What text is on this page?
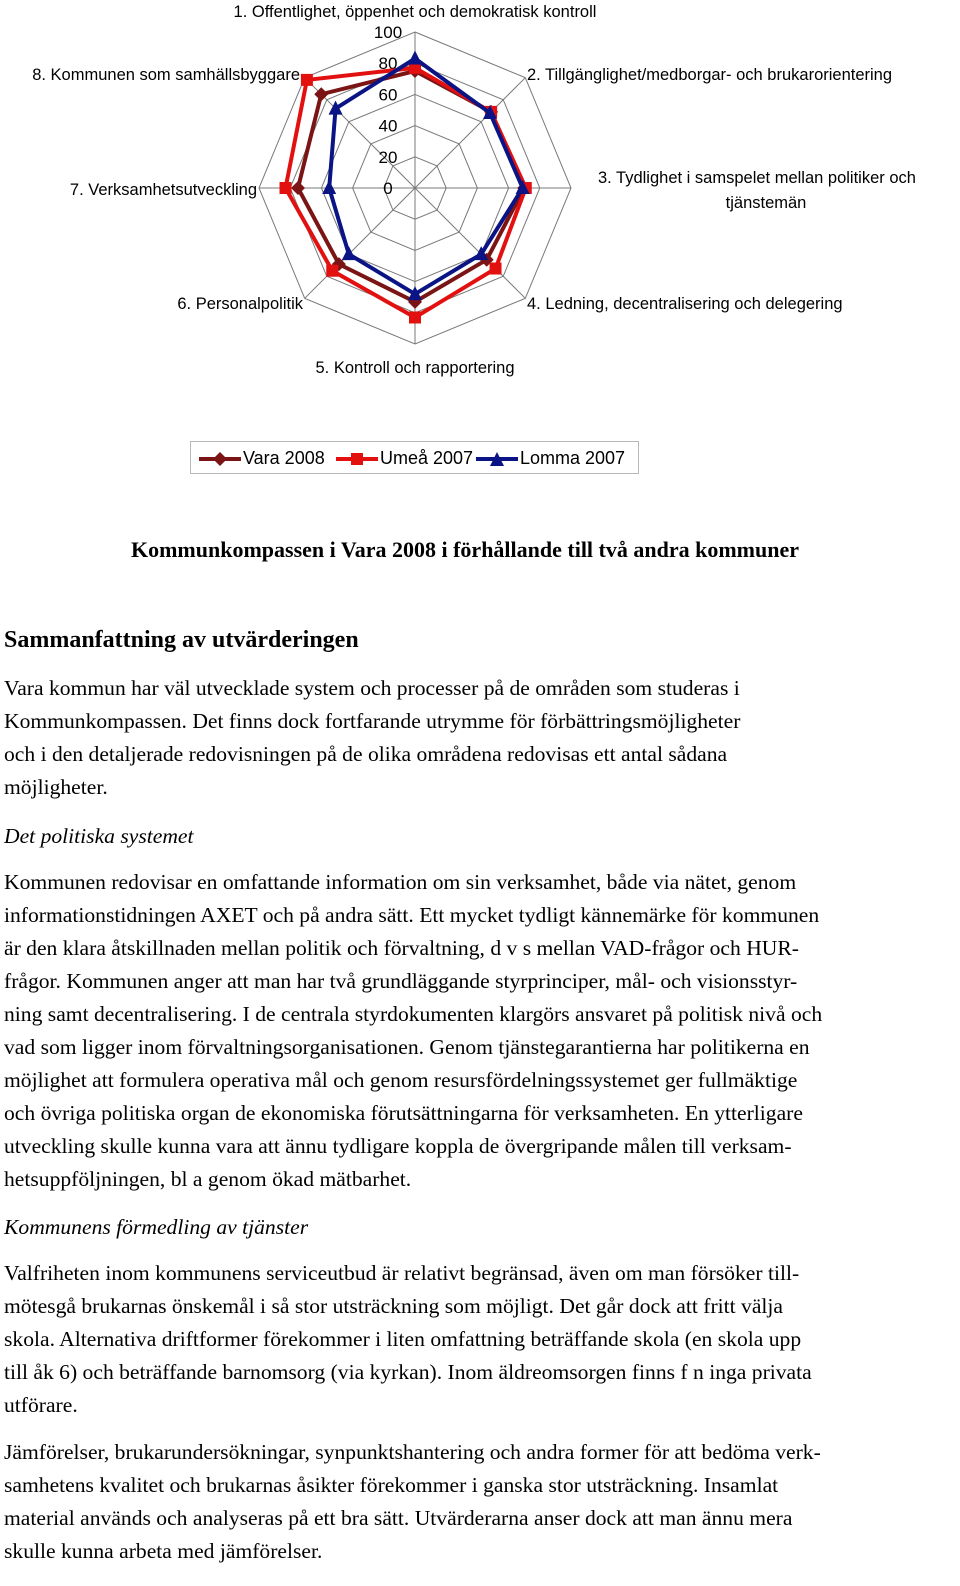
0
20
40
60
80
100
1. Offentlighet, öppenhet och demokratisk kontroll
2. Tillgänglighet/medborgar- och brukarorientering
3. Tydlighet i samspelet mellan politiker och
tjänstemän
4. Ledning, decentralisering och delegering
5. Kontroll och rapportering
6. Personalpolitik
7. Verksamhetsutveckling
8. Kommunen som samhällsbyggare
Vara 2008	Umeå 2007	Lomma 2007
Kommunkompassen i Vara 2008 i förhållande till två andra kommuner
Sammanfattning av utvärderingen
Vara kommun har väl utvecklade system och processer på de områden som studeras i
Kommunkompassen. Det finns dock fortfarande utrymme för förbättringsmöjligheter
och i den detaljerade redovisningen på de olika områdena redovisas ett antal sådana
möjligheter.
Det politiska systemet
Kommunen redovisar en omfattande information om sin verksamhet, både via nätet, genom
informationstidningen AXET och på andra sätt. Ett mycket tydligt kännemärke för kommunen
är den klara åtskillnaden mellan politik och förvaltning, d v s mellan VAD-frågor och HUR-
frågor. Kommunen anger att man har två grundläggande styrprinciper, mål- och visionsstyr-
ning samt decentralisering. I de centrala styrdokumenten klargörs ansvaret på politisk nivå och
vad som ligger inom förvaltningsorganisationen. Genom tjänstegarantierna har politikerna en
möjlighet att formulera operativa mål och genom resursfördelningssystemet ger fullmäktige
och övriga politiska organ de ekonomiska förutsättningarna för verksamheten. En ytterligare
utveckling skulle kunna vara att ännu tydligare koppla de övergripande målen till verksam-
hetsuppföljningen, bl a genom ökad mätbarhet.
Kommunens förmedling av tjänster
Valfriheten inom kommunens serviceutbud är relativt begränsad, även om man försöker till-
mötesgå brukarnas önskemål i så stor utsträckning som möjligt. Det går dock att fritt välja
skola. Alternativa driftformer förekommer i liten omfattning beträffande skola (en skola upp
till åk 6) och beträffande barnomsorg (via kyrkan). Inom äldreomsorgen finns f n inga privata
utförare.
Jämförelser, brukarundersökningar, synpunktshantering och andra former för att bedöma verk-
samhetens kvalitet och brukarnas åsikter förekommer i ganska stor utsträckning. Insamlat
material används och analyseras på ett bra sätt. Utvärderarna anser dock att man ännu mera
skulle kunna arbeta med jämförelser.
